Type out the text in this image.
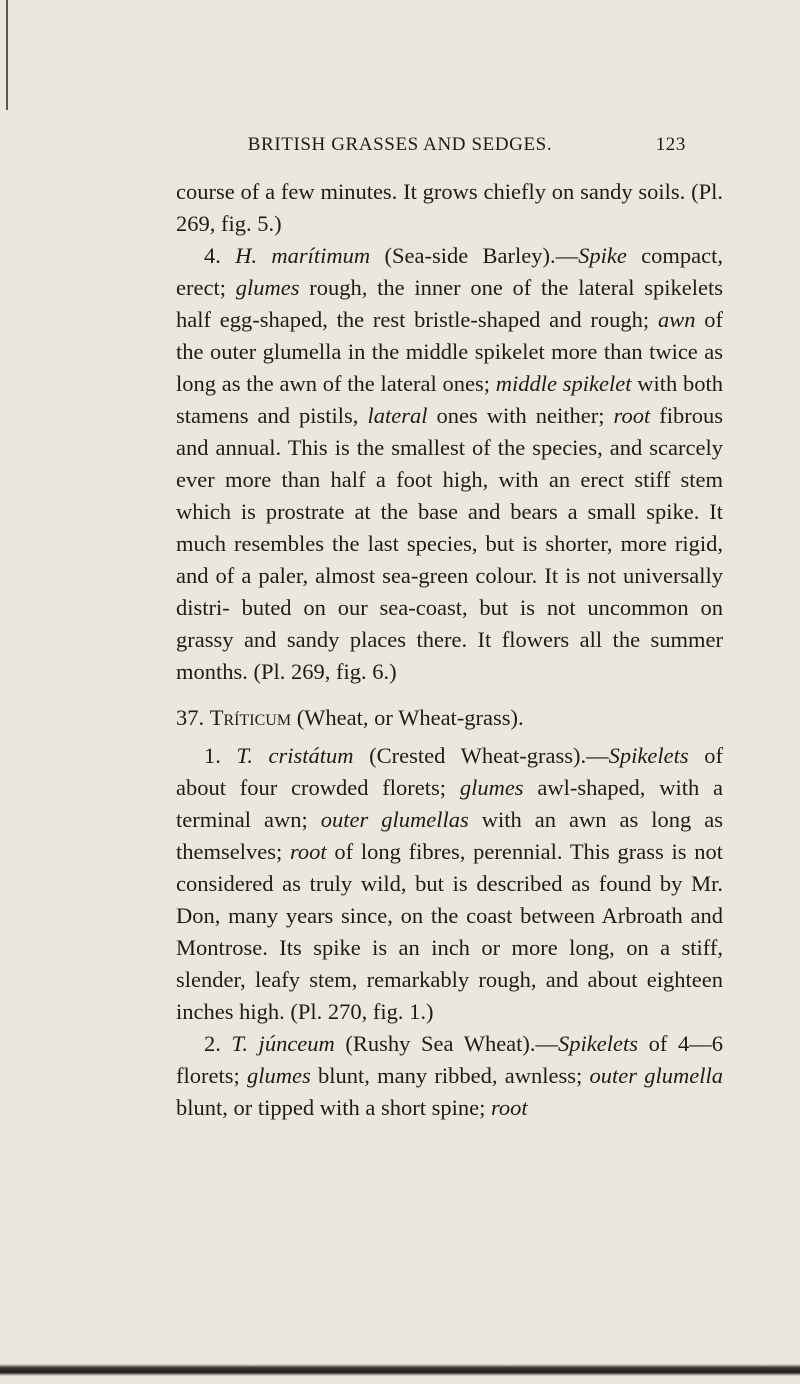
BRITISH GRASSES AND SEDGES.	123

course of a few minutes. It grows chiefly on sandy soils. (Pl. 269, fig. 5.)

4. H. marítimum (Sea-side Barley).—Spike compact, erect; glumes rough, the inner one of the lateral spikelets half egg-shaped, the rest bristle-shaped and rough; awn of the outer glumella in the middle spikelet more than twice as long as the awn of the lateral ones; middle spikelet with both stamens and pistils, lateral ones with neither; root fibrous and annual. This is the smallest of the species, and scarcely ever more than half a foot high, with an erect stiff stem which is prostrate at the base and bears a small spike. It much resembles the last species, but is shorter, more rigid, and of a paler, almost sea-green colour. It is not universally distri- buted on our sea-coast, but is not uncommon on grassy and sandy places there. It flowers all the summer months. (Pl. 269, fig. 6.)

37. Tríticum (Wheat, or Wheat-grass).

1. T. cristátum (Crested Wheat-grass).—Spikelets of about four crowded florets; glumes awl-shaped, with a terminal awn; outer glumellas with an awn as long as themselves; root of long fibres, perennial. This grass is not considered as truly wild, but is described as found by Mr. Don, many years since, on the coast between Arbroath and Montrose. Its spike is an inch or more long, on a stiff, slender, leafy stem, remarkably rough, and about eighteen inches high. (Pl. 270, fig. 1.)

2. T. júnceum (Rushy Sea Wheat).—Spikelets of 4—6 florets; glumes blunt, many ribbed, awnless; outer glumella blunt, or tipped with a short spine; root
